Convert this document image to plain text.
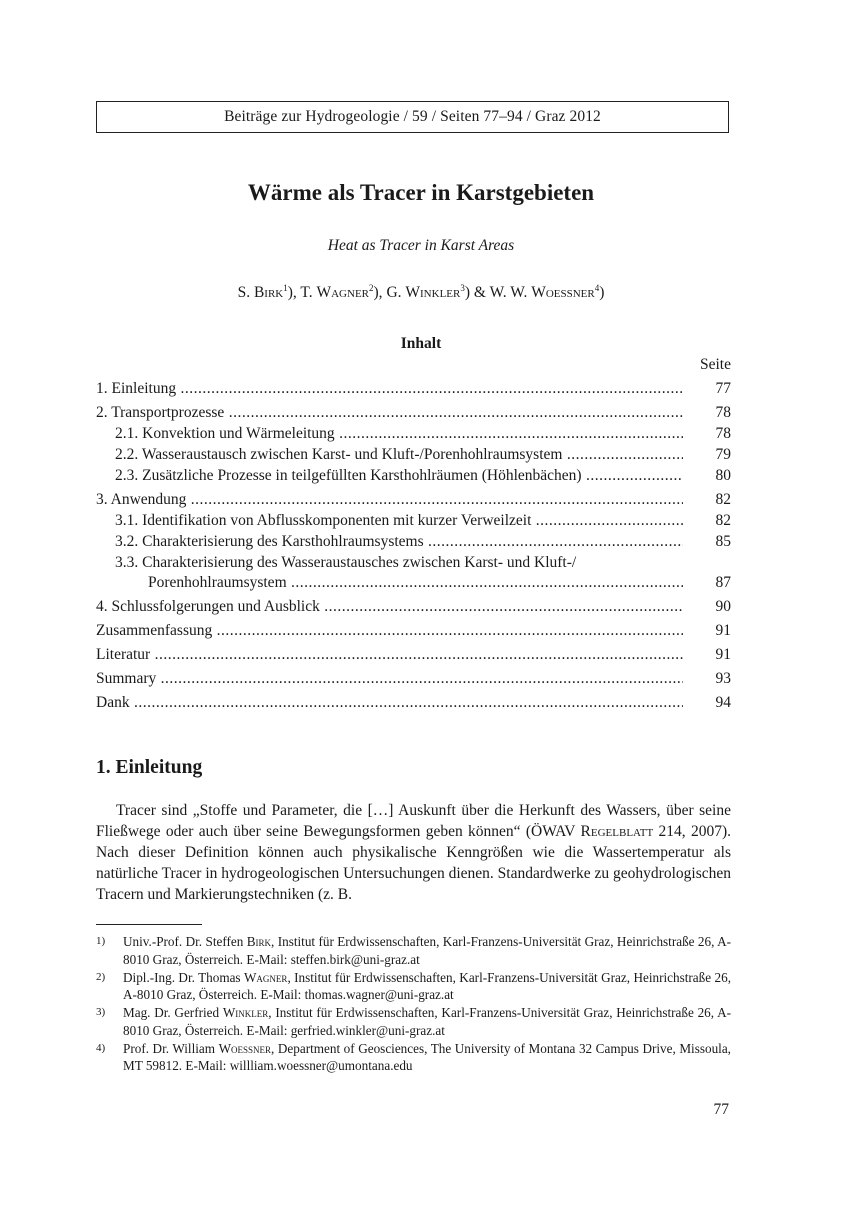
Beiträge zur Hydrogeologie / 59 / Seiten 77–94 / Graz 2012
Wärme als Tracer in Karstgebieten
Heat as Tracer in Karst Areas
S. Birk$^1$), T. Wagner$^2$), G. Winkler$^3$) & W. W. Woessner$^4$)
Inhalt
Seite
1. Einleitung .....	77
2. Transportprozesse .....	78
2.1. Konvektion und Wärmeleitung .....	78
2.2. Wasseraustausch zwischen Karst- und Kluft-/Porenhohlraumsystem .....	79
2.3. Zusätzliche Prozesse in teilgefüllten Karsthohlräumen (Höhlenbächen) .....	80
3. Anwendung .....	82
3.1. Identifikation von Abflusskomponenten mit kurzer Verweilzeit .....	82
3.2. Charakterisierung des Karsthohlraumsystems .....	85
3.3. Charakterisierung des Wasseraustausches zwischen Karst- und Kluft-/
Porenhohlraumsystem .....	87
4. Schlussfolgerungen und Ausblick .....	90
Zusammenfassung .....	91
Literatur .....	91
Summary .....	93
Dank .....	94
1. Einleitung

Tracer sind „Stoffe und Parameter, die […] Auskunft über die Herkunft des Wassers, über seine Fließwege oder auch über seine Bewegungsformen geben können“ (ÖWAV Regelblatt 214, 2007). Nach dieser Definition können auch physikalische Kenngrößen wie die Wassertemperatur als natürliche Tracer in hydrogeologischen Untersuchungen dienen. Standardwerke zu geohydrologischen Tracern und Markierungstechniken (z. B.

1) Univ.-Prof. Dr. Steffen Birk, Institut für Erdwissenschaften, Karl-Franzens-Universität Graz, Heinrichstraße 26, A-8010 Graz, Österreich. E-Mail: steffen.birk@uni-graz.at
2) Dipl.-Ing. Dr. Thomas Wagner, Institut für Erdwissenschaften, Karl-Franzens-Universität Graz, Heinrichstraße 26, A-8010 Graz, Österreich. E-Mail: thomas.wagner@uni-graz.at
3) Mag. Dr. Gerfried Winkler, Institut für Erdwissenschaften, Karl-Franzens-Universität Graz, Heinrichstraße 26, A-8010 Graz, Österreich. E-Mail: gerfried.winkler@uni-graz.at
4) Prof. Dr. William Woessner, Department of Geosciences, The University of Montana 32 Campus Drive, Missoula, MT 59812. E-Mail: willliam.woessner@umontana.edu
77
